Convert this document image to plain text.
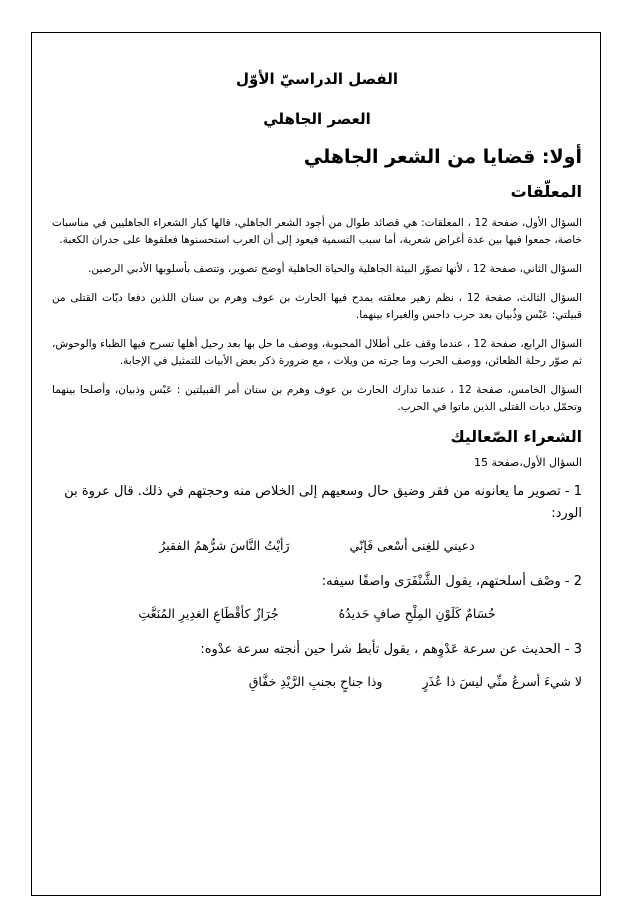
الفصل الدراسيّ الأوّل

العصر الجاهلي

أولا: قضايا من الشعر الجاهلي

المعلّقات

السؤال الأول، صفحة 12 ، المعلقات: هي قصائد طوال من أجود الشعر الجاهلي، قالها كبار الشعراء الجاهليين في مناسبات خاصة، جمعوا فيها بين عدة أغراض شعرية، أما سبب التسمية فيعود إلى أن العرب استحسنوها فعلقوها على جدران الكعبة.

السؤال الثاني، صفحة 12 ، لأنها تصوّر البيئة الجاهلية والحياة الجاهلية أوضح تصوير، وتتصف بأسلوبها الأدبي الرصين.

السؤال الثالث، صفحة 12 ، نظم زهير معلقته يمدح فيها الحارث بن عوف وهرم بن سنان اللذين دفعا ديّات القتلى من قبيلتي: عَبْس وذُبيان بعد حرب داحس والغبراء بينهما.

السؤال الرابع، صفحة 12 ، عندما وقف على أطلال المحبوبة، ووصف ما حل بها بعد رحيل أهلها تسرح فيها الظباء والوحوش، ثم صوّر رحلة الظعائن، ووصف الحرب وما جرته من ويلات ، مع ضرورة ذكر بعض الأبيات للتمثيل في الإجابة.

السؤال الخامس، صفحة 12 ، عندما تدارك الحارث بن عوف وهرم بن سنان أمر القبيلتين : عَبْس وذبيان، وأصلحا بينهما وتحمّل ديات القتلى الذين ماتوا في الحرب.

الشعراء الصّعاليك

السؤال الأول،صفحة 15

1 - تصوير ما يعانونه من فقر وضيق حال وسعيهم إلى الخلاص منه وحجتهم في ذلك. قال عروة بن الورد:

دعيني للغِنى أسْعى فَإنّي
رَأيْتُ النَّاسَ شرُّهمُ الفقيرُ

2 - وصْف أسلحتهم، يقول الشَّنْفَرَى واصفًا سيفه:

حُسَامٌ كَلَوْنِ المِلْحِ صافٍ حَديدُهُ
جُرَازٌ كأقْطَاعِ الغدِيرِ المُنَعَّتِ

3 - الحديث عن سرعة عَدْوِهم ، يقول تأبط شرا حين أنجته سرعة عدْوه:

لا شيءَ أسرعُ منِّي ليسَ ذا عُذَرٍ
وذا جناحٍ بجنبِ الرَّيْدِ خفَّاقِ
